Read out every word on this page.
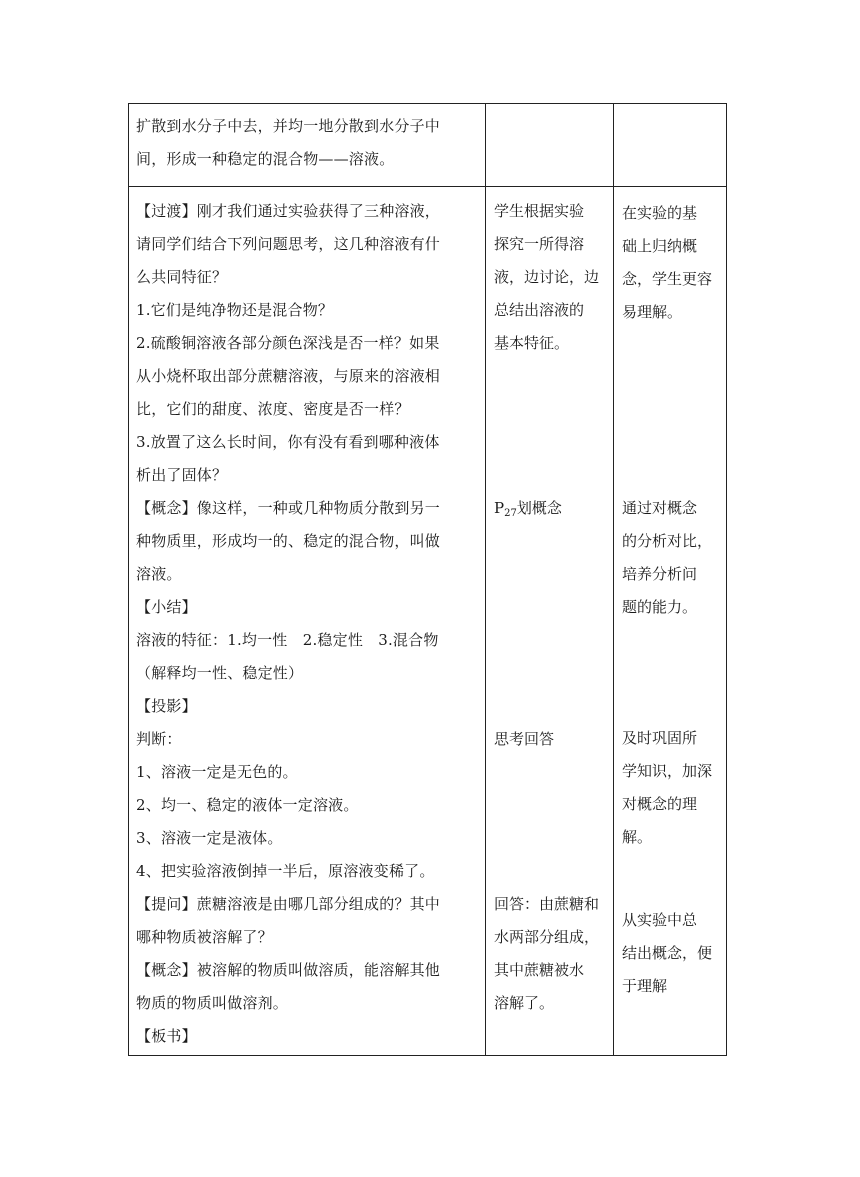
扩散到水分子中去，并均一地分散到水分子中
间，形成一种稳定的混合物——溶液。
【过渡】刚才我们通过实验获得了三种溶液，
请同学们结合下列问题思考，这几种溶液有什
么共同特征？
1.它们是纯净物还是混合物？
2.硫酸铜溶液各部分颜色深浅是否一样？如果
从小烧杯取出部分蔗糖溶液，与原来的溶液相
比，它们的甜度、浓度、密度是否一样？
3.放置了这么长时间，你有没有看到哪种液体
析出了固体？
【概念】像这样，一种或几种物质分散到另一
种物质里，形成均一的、稳定的混合物，叫做
溶液。
【小结】
溶液的特征：1.均一性　2.稳定性　3.混合物
（解释均一性、稳定性）
【投影】
判断：
1、溶液一定是无色的。
2、均一、稳定的液体一定溶液。
3、溶液一定是液体。
4、把实验溶液倒掉一半后，原溶液变稀了。
【提问】蔗糖溶液是由哪几部分组成的？其中
哪种物质被溶解了？
【概念】被溶解的物质叫做溶质，能溶解其他
物质的物质叫做溶剂。
【板书】
学生根据实验
探究一所得溶
液，边讨论，边
总结出溶液的
基本特征。
$P_{27}$划概念
思考回答
回答：由蔗糖和
水两部分组成，
其中蔗糖被水
溶解了。
在实验的基
础上归纳概
念，学生更容
易理解。
通过对概念
的分析对比，
培养分析问
题的能力。
及时巩固所
学知识，加深
对概念的理
解。
从实验中总
结出概念，便
于理解
